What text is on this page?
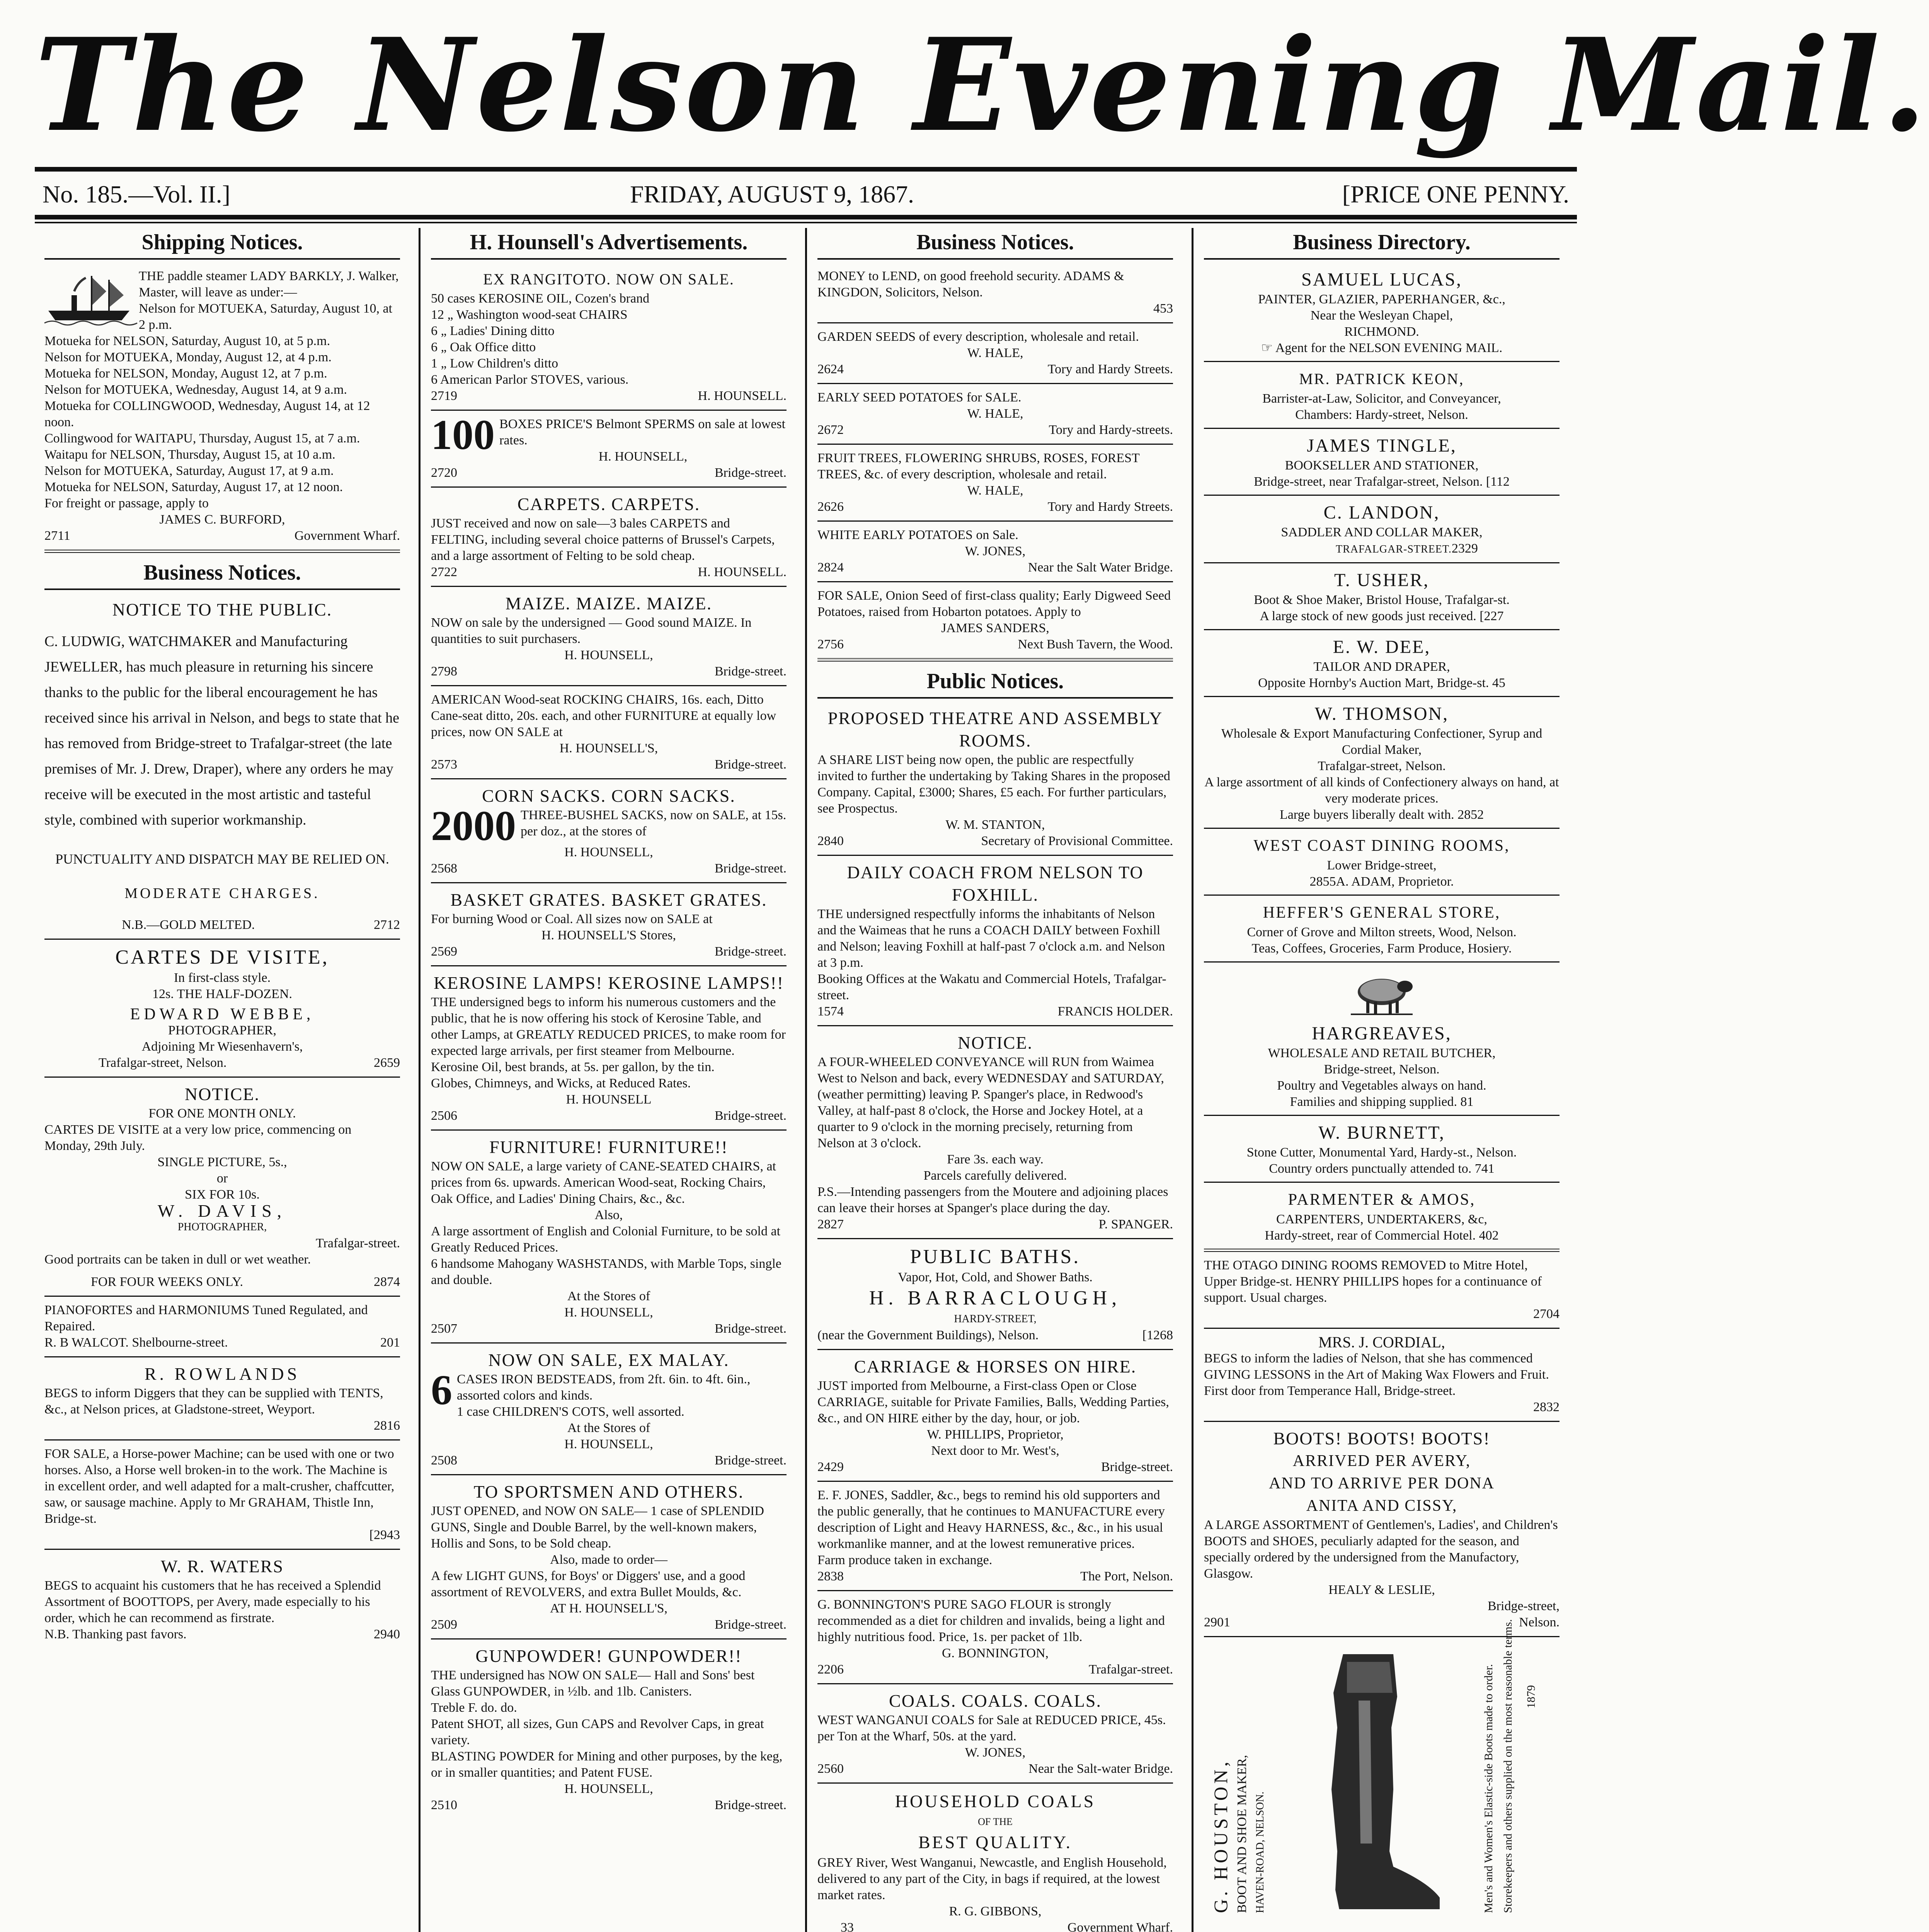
The Nelson Evening Mail.
No. 185.—Vol. II.]	FRIDAY, AUGUST 9, 1867.	[PRICE ONE PENNY.
Shipping Notices.

THE paddle steamer LADY BARKLY, J. Walker, Master, will leave as under:—

Nelson for MOTUEKA, Saturday, August 10, at 2 p.m.

Motueka for NELSON, Saturday, August 10, at 5 p.m.

Nelson for MOTUEKA, Monday, August 12, at 4 p.m.

Motueka for NELSON, Monday, August 12, at 7 p.m.

Nelson for MOTUEKA, Wednesday, August 14, at 9 a.m.

Motueka for COLLINGWOOD, Wednesday, August 14, at 12 noon.

Collingwood for WAITAPU, Thursday, August 15, at 7 a.m.

Waitapu for NELSON, Thursday, August 15, at 10 a.m.

Nelson for MOTUEKA, Saturday, August 17, at 9 a.m.

Motueka for NELSON, Saturday, August 17, at 12 noon.

For freight or passage, apply to

JAMES C. BURFORD,

2711	Government Wharf.

Business Notices.

NOTICE TO THE PUBLIC.

C. LUDWIG, WATCHMAKER and Manufacturing JEWELLER, has much pleasure in returning his sincere thanks to the public for the liberal encouragement he has received since his arrival in Nelson, and begs to state that he has removed from Bridge-street to Trafalgar-street (the late premises of Mr. J. Drew, Draper), where any orders he may receive will be executed in the most artistic and tasteful style, combined with superior workmanship.

PUNCTUALITY AND DISPATCH MAY BE RELIED ON.

MODERATE CHARGES.

N.B.—GOLD MELTED.	2712

CARTES DE VISITE,

In first-class style.

12s. THE HALF-DOZEN.

EDWARD WEBBE,

PHOTOGRAPHER,

Adjoining Mr Wiesenhavern's,

Trafalgar-street, Nelson.	2659

NOTICE.

FOR ONE MONTH ONLY.

CARTES DE VISITE at a very low price, commencing on Monday, 29th July.

SINGLE PICTURE, 5s.,

or

SIX FOR 10s.

W. DAVIS,

PHOTOGRAPHER,

Trafalgar-street.

Good portraits can be taken in dull or wet weather.

FOR FOUR WEEKS ONLY.	2874

PIANOFORTES and HARMONIUMS Tuned Regulated, and Repaired.

R. B WALCOT. Shelbourne-street.	201

R. ROWLANDS

BEGS to inform Diggers that they can be supplied with TENTS, &c., at Nelson prices, at Gladstone-street, Weyport.

2816

FOR SALE, a Horse-power Machine; can be used with one or two horses. Also, a Horse well broken-in to the work. The Machine is in excellent order, and well adapted for a malt-crusher, chaffcutter, saw, or sausage machine. Apply to Mr GRAHAM, Thistle Inn, Bridge-st.

[2943

W. R. WATERS

BEGS to acquaint his customers that he has received a Splendid Assortment of BOOTTOPS, per Avery, made especially to his order, which he can recommend as firstrate.

N.B. Thanking past favors.	2940

H. Hounsell's Advertisements.

EX RANGITOTO. NOW ON SALE.

50 cases KEROSINE OIL, Cozen's brand

12 „ Washington wood-seat CHAIRS

6 „ Ladies' Dining ditto

6 „ Oak Office ditto

1 „ Low Children's ditto

6 American Parlor STOVES, various.

2719	H. HOUNSELL.

100 BOXES PRICE'S Belmont SPERMS on sale at lowest rates.

H. HOUNSELL,

2720	Bridge-street.

CARPETS. CARPETS.

JUST received and now on sale—3 bales CARPETS and FELTING, including several choice patterns of Brussel's Carpets, and a large assortment of Felting to be sold cheap.

2722	H. HOUNSELL.

MAIZE. MAIZE. MAIZE.

NOW on sale by the undersigned — Good sound MAIZE. In quantities to suit purchasers.

H. HOUNSELL,

2798	Bridge-street.

AMERICAN Wood-seat ROCKING CHAIRS, 16s. each, Ditto Cane-seat ditto, 20s. each, and other FURNITURE at equally low prices, now ON SALE at

H. HOUNSELL'S,

2573	Bridge-street.

CORN SACKS. CORN SACKS.

2000 THREE-BUSHEL SACKS, now on SALE, at 15s. per doz., at the stores of

H. HOUNSELL,

2568	Bridge-street.

BASKET GRATES. BASKET GRATES.

For burning Wood or Coal. All sizes now on SALE at

H. HOUNSELL'S Stores,

2569	Bridge-street.

KEROSINE LAMPS! KEROSINE LAMPS!!

THE undersigned begs to inform his numerous customers and the public, that he is now offering his stock of Kerosine Table, and other Lamps, at GREATLY REDUCED PRICES, to make room for expected large arrivals, per first steamer from Melbourne.

Kerosine Oil, best brands, at 5s. per gallon, by the tin.

Globes, Chimneys, and Wicks, at Reduced Rates.

H. HOUNSELL

2506	Bridge-street.

FURNITURE! FURNITURE!!

NOW ON SALE, a large variety of CANE-SEATED CHAIRS, at prices from 6s. upwards. American Wood-seat, Rocking Chairs, Oak Office, and Ladies' Dining Chairs, &c., &c.

Also,

A large assortment of English and Colonial Furniture, to be sold at Greatly Reduced Prices.

6 handsome Mahogany WASHSTANDS, with Marble Tops, single and double.

At the Stores of

H. HOUNSELL,

2507	Bridge-street.

NOW ON SALE, EX MALAY.

6 CASES IRON BEDSTEADS, from 2ft. 6in. to 4ft. 6in., assorted colors and kinds.

1 case CHILDREN'S COTS, well assorted.

At the Stores of

H. HOUNSELL,

2508	Bridge-street.

TO SPORTSMEN AND OTHERS.

JUST OPENED, and NOW ON SALE— 1 case of SPLENDID GUNS, Single and Double Barrel, by the well-known makers, Hollis and Sons, to be Sold cheap.

Also, made to order—

A few LIGHT GUNS, for Boys' or Diggers' use, and a good assortment of REVOLVERS, and extra Bullet Moulds, &c.

AT H. HOUNSELL'S,

2509	Bridge-street.

GUNPOWDER! GUNPOWDER!!

THE undersigned has NOW ON SALE— Hall and Sons' best Glass GUNPOWDER, in ½lb. and 1lb. Canisters.

Treble F. do. do.

Patent SHOT, all sizes, Gun CAPS and Revolver Caps, in great variety.

BLASTING POWDER for Mining and other purposes, by the keg, or in smaller quantities; and Patent FUSE.

H. HOUNSELL,

2510	Bridge-street.

Business Notices.

MONEY to LEND, on good freehold security. ADAMS & KINGDON, Solicitors, Nelson.

453

GARDEN SEEDS of every description, wholesale and retail.

W. HALE,

2624	Tory and Hardy Streets.

EARLY SEED POTATOES for SALE.

W. HALE,

2672	Tory and Hardy-streets.

FRUIT TREES, FLOWERING SHRUBS, ROSES, FOREST TREES, &c. of every description, wholesale and retail.

W. HALE,

2626	Tory and Hardy Streets.

WHITE EARLY POTATOES on Sale.

W. JONES,

2824	Near the Salt Water Bridge.

FOR SALE, Onion Seed of first-class quality; Early Digweed Seed Potatoes, raised from Hobarton potatoes. Apply to

JAMES SANDERS,

2756	Next Bush Tavern, the Wood.

Public Notices.

PROPOSED THEATRE AND ASSEMBLY ROOMS.

A SHARE LIST being now open, the public are respectfully invited to further the undertaking by Taking Shares in the proposed Company. Capital, £3000; Shares, £5 each. For further particulars, see Prospectus.

W. M. STANTON,

2840	Secretary of Provisional Committee.

DAILY COACH FROM NELSON TO FOXHILL.

THE undersigned respectfully informs the inhabitants of Nelson and the Waimeas that he runs a COACH DAILY between Foxhill and Nelson; leaving Foxhill at half-past 7 o'clock a.m. and Nelson at 3 p.m.

Booking Offices at the Wakatu and Commercial Hotels, Trafalgar-street.

1574	FRANCIS HOLDER.

NOTICE.

A FOUR-WHEELED CONVEYANCE will RUN from Waimea West to Nelson and back, every WEDNESDAY and SATURDAY, (weather permitting) leaving P. Spanger's place, in Redwood's Valley, at half-past 8 o'clock, the Horse and Jockey Hotel, at a quarter to 9 o'clock in the morning precisely, returning from Nelson at 3 o'clock.

Fare 3s. each way.

Parcels carefully delivered.

P.S.—Intending passengers from the Moutere and adjoining places can leave their horses at Spanger's place during the day.

2827	P. SPANGER.

PUBLIC BATHS.

Vapor, Hot, Cold, and Shower Baths.

H. BARRACLOUGH,

HARDY-STREET,

(near the Government Buildings), Nelson.	[1268

CARRIAGE & HORSES ON HIRE.

JUST imported from Melbourne, a First-class Open or Close CARRIAGE, suitable for Private Families, Balls, Wedding Parties, &c., and ON HIRE either by the day, hour, or job.

W. PHILLIPS, Proprietor,

Next door to Mr. West's,

2429	Bridge-street.

E. F. JONES, Saddler, &c., begs to remind his old supporters and the public generally, that he continues to MANUFACTURE every description of Light and Heavy HARNESS, &c., &c., in his usual workmanlike manner, and at the lowest remunerative prices.

Farm produce taken in exchange.

2838	The Port, Nelson.

G. BONNINGTON'S PURE SAGO FLOUR is strongly recommended as a diet for children and invalids, being a light and highly nutritious food. Price, 1s. per packet of 1lb.

G. BONNINGTON,

2206	Trafalgar-street.

COALS. COALS. COALS.

WEST WANGANUI COALS for Sale at REDUCED PRICE, 45s. per Ton at the Wharf, 50s. at the yard.

W. JONES,

2560	Near the Salt-water Bridge.

HOUSEHOLD COALS

OF THE

BEST QUALITY.

GREY River, West Wanganui, Newcastle, and English Household, delivered to any part of the City, in bags if required, at the lowest market rates.

R. G. GIBBONS,

33	Government Wharf.

Business Directory.
SAMUEL LUCAS,
PAINTER, GLAZIER, PAPERHANGER, &c.,
Near the Wesleyan Chapel,
RICHMOND.
☞ Agent for the NELSON EVENING MAIL.
MR. PATRICK KEON,
Barrister-at-Law, Solicitor, and Conveyancer,
Chambers: Hardy-street, Nelson.
JAMES TINGLE,
BOOKSELLER AND STATIONER,
Bridge-street, near Trafalgar-street, Nelson. [112
C. LANDON,
SADDLER AND COLLAR MAKER,
TRAFALGAR-STREET.2329
T. USHER,
Boot & Shoe Maker, Bristol House, Trafalgar-st.
A large stock of new goods just received. [227
E. W. DEE,
TAILOR AND DRAPER,
Opposite Hornby's Auction Mart, Bridge-st. 45
W. THOMSON,
Wholesale & Export Manufacturing Confectioner, Syrup and Cordial Maker,
Trafalgar-street, Nelson.
A large assortment of all kinds of Confectionery always on hand, at very moderate prices.
Large buyers liberally dealt with. 2852
WEST COAST DINING ROOMS,
Lower Bridge-street,
2855A. ADAM, Proprietor.
HEFFER'S GENERAL STORE,
Corner of Grove and Milton streets, Wood, Nelson.
Teas, Coffees, Groceries, Farm Produce, Hosiery.
HARGREAVES,
WHOLESALE AND RETAIL BUTCHER,
Bridge-street, Nelson.
Poultry and Vegetables always on hand.
Families and shipping supplied. 81
W. BURNETT,
Stone Cutter, Monumental Yard, Hardy-st., Nelson.
Country orders punctually attended to. 741
PARMENTER & AMOS,
CARPENTERS, UNDERTAKERS, &c,
Hardy-street, rear of Commercial Hotel. 402

THE OTAGO DINING ROOMS REMOVED to Mitre Hotel, Upper Bridge-st. HENRY PHILLIPS hopes for a continuance of support. Usual charges.

2704

MRS. J. CORDIAL,

BEGS to inform the ladies of Nelson, that she has commenced GIVING LESSONS in the Art of Making Wax Flowers and Fruit.

First door from Temperance Hall, Bridge-street.

2832

BOOTS! BOOTS! BOOTS!

ARRIVED PER AVERY,

AND TO ARRIVE PER DONA

ANITA AND CISSY,

A LARGE ASSORTMENT of Gentlemen's, Ladies', and Children's BOOTS and SHOES, peculiarly adapted for the season, and specially ordered by the undersigned from the Manufactory, Glasgow.

HEALY & LESLIE,

Bridge-street,

2901	Nelson.

G. HOUSTON, BOOT AND SHOE MAKER, HAVEN-ROAD, NELSON.	Men's and Women's Elastic-side Boots made to order. Storekeepers and others supplied on the most reasonable terms. 1879
